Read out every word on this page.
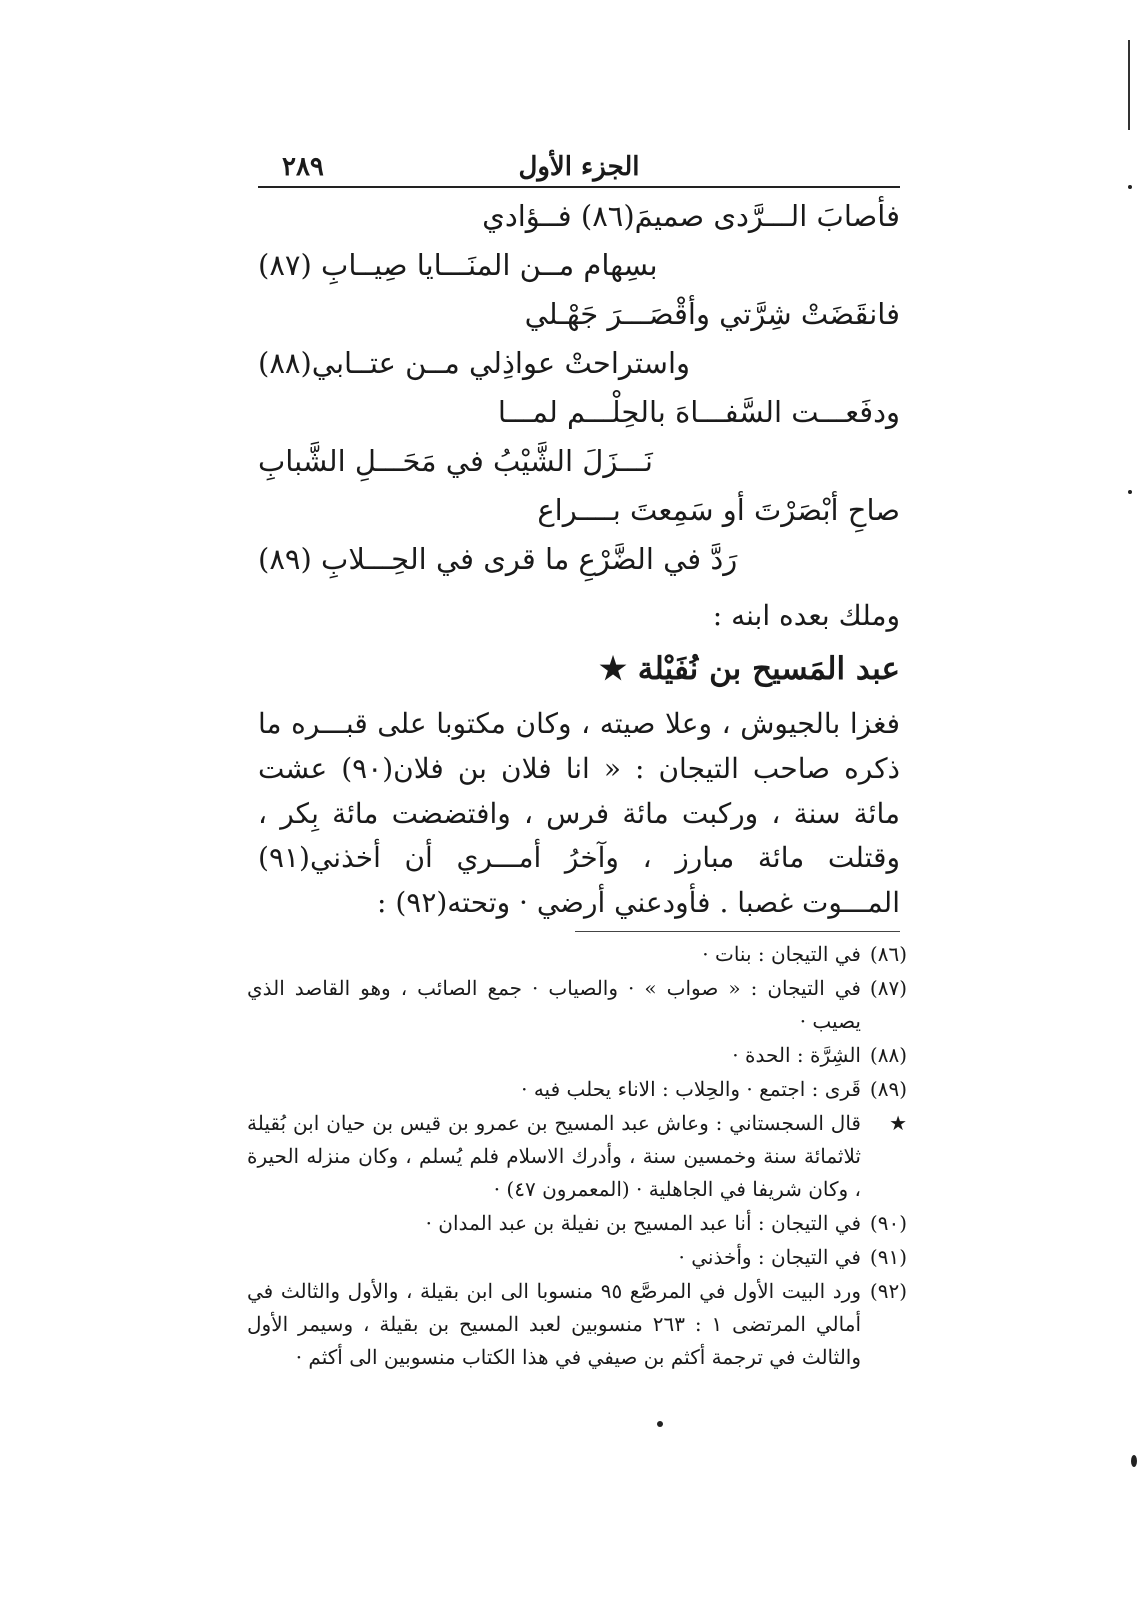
الجزء الأول
٢٨٩
فأصابَ الـــرَّدى صميمَ‌(٨٦) فــؤادي
بسِهام مــن المنَـــايا صِيــابِ (٨٧)
فانقَضَتْ شِرَّتي وأقْصَـــرَ جَهْـلي
واستراحتْ عواذِلي مــن عتــابي(٨٨)
ودفَعـــت السَّفـــاهَ بالحِلْـــم لمـــا
نَـــزَلَ الشَّيْبُ في مَحَـــلِ الشَّبابِ
صاحِ أبْصَرْتَ أو سَمِعتَ بــــراع
رَدَّ في الضَّرْعِ ما قرى في الحِـــلابِ (٨٩)
وملك بعده ابنه :
عبد المَسيح بن نُفَيْلة ★
فغزا بالجيوش ، وعلا صيته ، وكان مكتوبا على قبـــره ما ذكره صاحب التيجان : « انا فلان بن فلان(٩٠) عشت مائة سنة ، وركبت مائة فرس ، وافتضضت مائة بِكر ، وقتلت مائة مبارز ، وآخرُ أمـــري أن أخذني(٩١) المـــوت غصبا . فأودعني أرضي · وتحته(٩٢) :
(٨٦)
في التيجان : بنات ·
(٨٧)
في التيجان : « صواب » · والصياب · جمع الصائب ، وهو القاصد الذي يصيب ·
(٨٨)
الشِرَّة : الحدة ·
(٨٩)
قَرى : اجتمع · والحِلاب : الاناء يحلب فيه ·
★
قال السجستاني : وعاش عبد المسيح بن عمرو بن قيس بن حيان ابن بُقيلة ثلاثمائة سنة وخمسين سنة ، وأدرك الاسلام فلم يُسلم ، وكان منزله الحيرة ، وكان شريفا في الجاهلية · (المعمرون ٤٧) ·
(٩٠)
في التيجان : أنا عبد المسيح بن نفيلة بن عبد المدان ·
(٩١)
في التيجان : وأخذني ·
(٩٢)
ورد البيت الأول في المرصَّع ٩٥ منسوبا الى ابن بقيلة ، والأول والثالث في أمالي المرتضى ١ : ٢٦٣ منسوبين لعبد المسيح بن بقيلة ، وسيمر الأول والثالث في ترجمة أكثم بن صيفي في هذا الكتاب منسوبين الى أكثم ·
